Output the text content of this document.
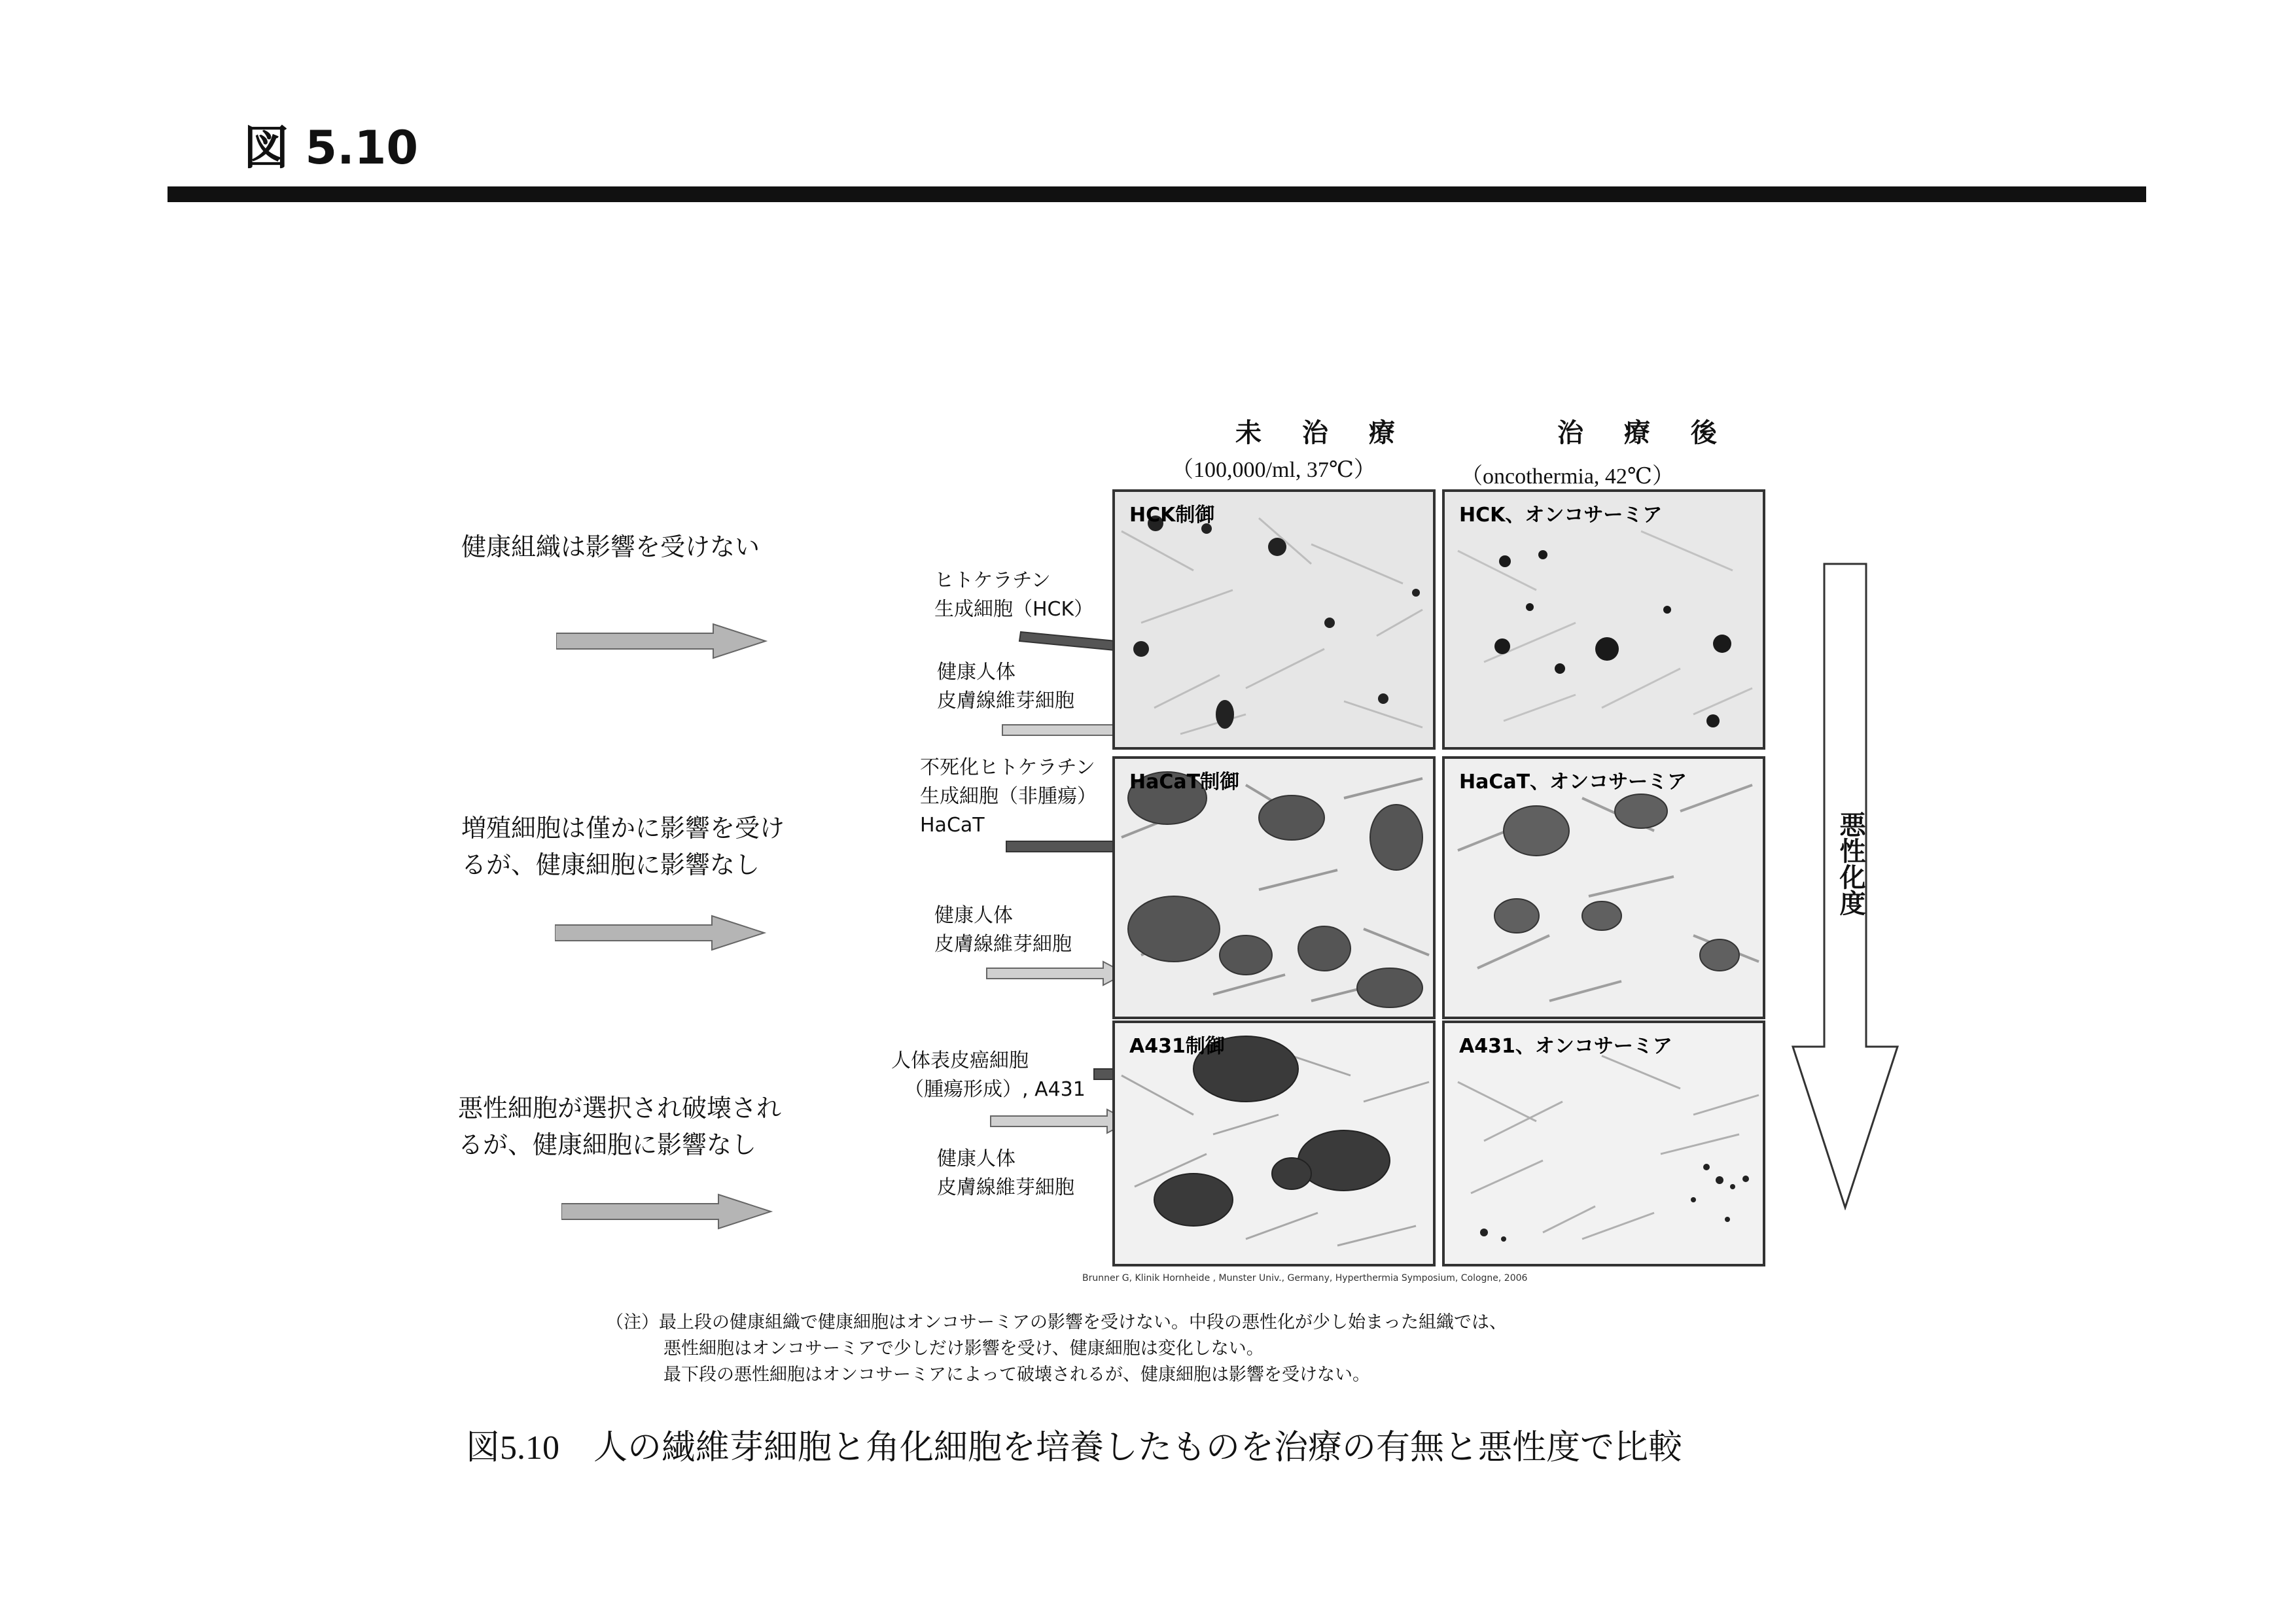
図 5.10
未 治 療
（100,000/ml, 37℃）
治 療 後
（oncothermia, 42℃）
健康組織は影響を受けない
増殖細胞は僅かに影響を受け
るが、健康細胞に影響なし
悪性細胞が選択され破壊され
るが、健康細胞に影響なし
ヒトケラチン
生成細胞（HCK）
健康人体
皮膚線維芽細胞
不死化ヒトケラチン
生成細胞（非腫瘍）
HaCaT
健康人体
皮膚線維芽細胞
人体表皮癌細胞
（腫瘍形成）, A431
健康人体
皮膚線維芽細胞
HCK制御	HCK、オンコサーミア
HaCaT制御	HaCaT、オンコサーミア
A431制御	A431、オンコサーミア
悪性化度
Brunner G, Klinik Hornheide , Munster Univ., Germany, Hyperthermia Symposium, Cologne, 2006
（注）最上段の健康組織で健康細胞はオンコサーミアの影響を受けない。中段の悪性化が少し始まった組織では、
悪性細胞はオンコサーミアで少しだけ影響を受け、健康細胞は変化しない。
最下段の悪性細胞はオンコサーミアによって破壊されるが、健康細胞は影響を受けない。
図5.10　人の繊維芽細胞と角化細胞を培養したものを治療の有無と悪性度で比較
